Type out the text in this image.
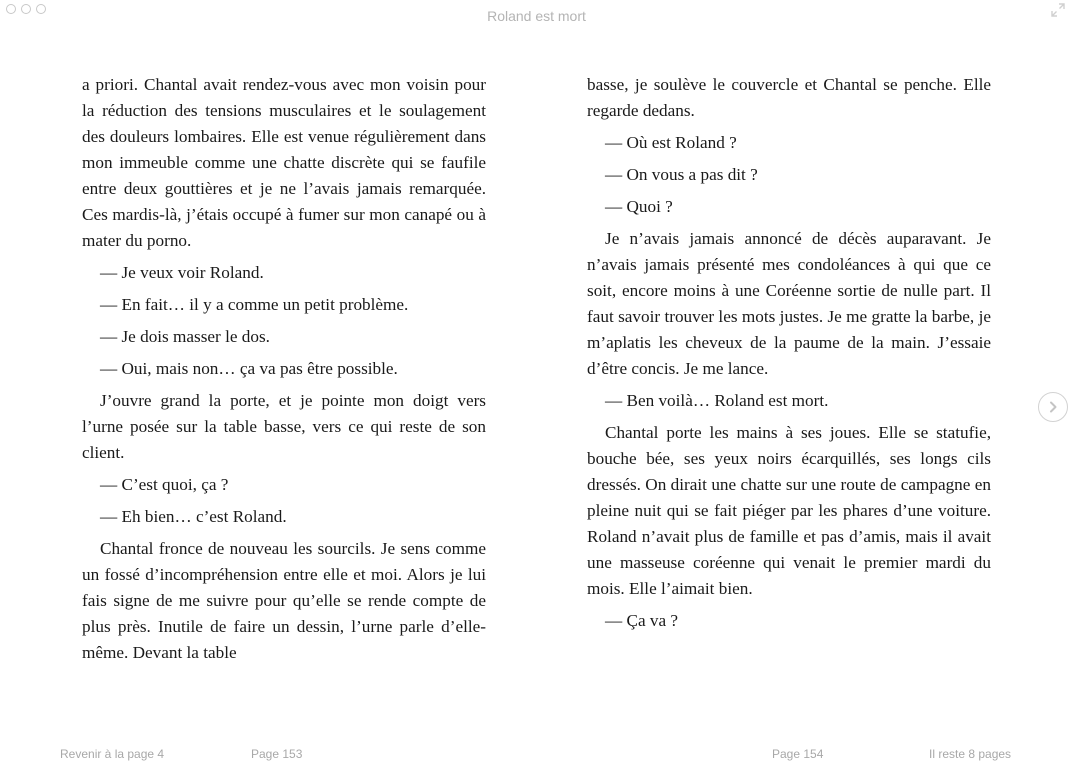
Roland est mort

a priori. Chantal avait rendez-vous avec mon voisin pour la réduction des tensions musculaires et le soulagement des douleurs lombaires. Elle est venue régulièrement dans mon immeuble comme une chatte discrète qui se faufile entre deux gouttières et je ne l’avais jamais remarquée. Ces mardis-là, j’étais occupé à fumer sur mon canapé ou à mater du porno.

— Je veux voir Roland.

— En fait… il y a comme un petit problème.

— Je dois masser le dos.

— Oui, mais non… ça va pas être possible.

J’ouvre grand la porte, et je pointe mon doigt vers l’urne posée sur la table basse, vers ce qui reste de son client.

— C’est quoi, ça ?

— Eh bien… c’est Roland.

Chantal fronce de nouveau les sourcils. Je sens comme un fossé d’incompréhension entre elle et moi. Alors je lui fais signe de me suivre pour qu’elle se rende compte de plus près. Inutile de faire un dessin, l’urne parle d’elle-même. Devant la table

basse, je soulève le couvercle et Chantal se penche. Elle regarde dedans.

— Où est Roland ?

— On vous a pas dit ?

— Quoi ?

Je n’avais jamais annoncé de décès auparavant. Je n’avais jamais présenté mes condoléances à qui que ce soit, encore moins à une Coréenne sortie de nulle part. Il faut savoir trouver les mots justes. Je me gratte la barbe, je m’aplatis les cheveux de la paume de la main. J’essaie d’être concis. Je me lance.

— Ben voilà… Roland est mort.

Chantal porte les mains à ses joues. Elle se statufie, bouche bée, ses yeux noirs écarquillés, ses longs cils dressés. On dirait une chatte sur une route de campagne en pleine nuit qui se fait piéger par les phares d’une voiture. Roland n’avait plus de famille et pas d’amis, mais il avait une masseuse coréenne qui venait le premier mardi du mois. Elle l’aimait bien.

— Ça va ?

Revenir à la page 4	Page 153	Page 154	Il reste 8 pages
